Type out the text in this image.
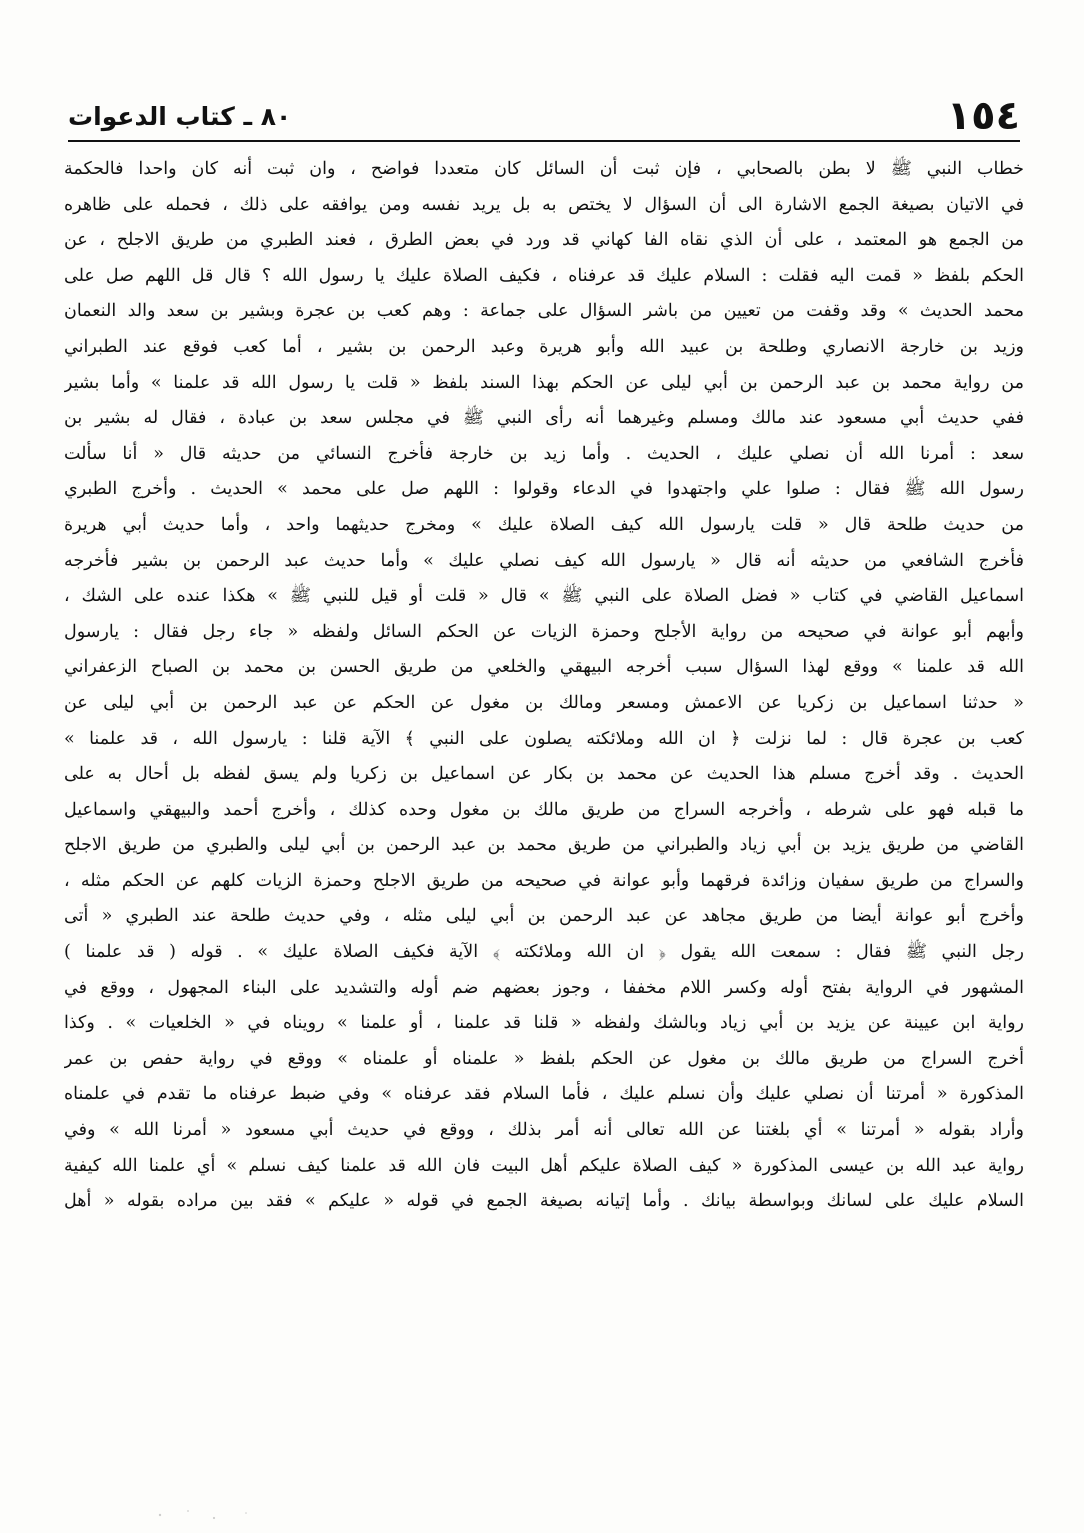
١٥٤
٨٠ ـ كتاب الدعوات
خطاب النبي ﷺ لا بطن بالصحابي ، فإن ثبت أن السائل كان متعددا فواضح ، وان ثبت أنه كان واحدا فالحكمة
في الاتيان بصيغة الجمع الاشارة الى أن السؤال لا يختص به بل يريد نفسه ومن يوافقه على ذلك ، فحمله على ظاهره
من الجمع هو المعتمد ، على أن الذي نقاه الفا كهاني قد ورد في بعض الطرق ، فعند الطبري من طريق الاجلح ، عن
الحكم بلفظ « قمت اليه فقلت : السلام عليك قد عرفناه ، فكيف الصلاة عليك يا رسول الله ؟ قال قل اللهم صل على
محمد الحديث » وقد وقفت من تعيين من باشر السؤال على جماعة : وهم كعب بن عجرة وبشير بن سعد والد النعمان
وزيد بن خارجة الانصاري وطلحة بن عبيد الله وأبو هريرة وعبد الرحمن بن بشير ، أما كعب فوقع عند الطبراني
من رواية محمد بن عبد الرحمن بن أبي ليلى عن الحكم بهذا السند بلفظ « قلت يا رسول الله قد علمنا » وأما بشير
ففي حديث أبي مسعود عند مالك ومسلم وغيرهما أنه رأى النبي ﷺ في مجلس سعد بن عبادة ، فقال له بشير بن
سعد : أمرنا الله أن نصلي عليك ، الحديث . وأما زيد بن خارجة فأخرج النسائي من حديثه قال « أنا سألت
رسول الله ﷺ فقال : صلوا علي واجتهدوا في الدعاء وقولوا : اللهم صل على محمد » الحديث . وأخرج الطبري
من حديث طلحة قال « قلت يارسول الله كيف الصلاة عليك » ومخرج حديثهما واحد ، وأما حديث أبي هريرة
فأخرج الشافعي من حديثه أنه قال « يارسول الله كيف نصلي عليك » وأما حديث عبد الرحمن بن بشير فأخرجه
اسماعيل القاضي في كتاب « فضل الصلاة على النبي ﷺ » قال « قلت أو قيل للنبي ﷺ » هكذا عنده على الشك ،
وأبهم أبو عوانة في صحيحه من رواية الأجلح وحمزة الزيات عن الحكم السائل ولفظه « جاء رجل فقال : يارسول
الله قد علمنا » ووقع لهذا السؤال سبب أخرجه البيهقي والخلعي من طريق الحسن بن محمد بن الصباح الزعفراني
« حدثنا اسماعيل بن زكريا عن الاعمش ومسعر ومالك بن مغول عن الحكم عن عبد الرحمن بن أبي ليلى عن
كعب بن عجرة قال : لما نزلت ﴿ ان الله وملائكته يصلون على النبي ﴾ الآية قلنا : يارسول الله ، قد علمنا »
الحديث . وقد أخرج مسلم هذا الحديث عن محمد بن بكار عن اسماعيل بن زكريا ولم يسق لفظه بل أحال به على
ما قبله فهو على شرطه ، وأخرجه السراج من طريق مالك بن مغول وحده كذلك ، وأخرج أحمد والبيهقي واسماعيل
القاضي من طريق يزيد بن أبي زياد والطبراني من طريق محمد بن عبد الرحمن بن أبي ليلى والطبري من طريق الاجلح
والسراج من طريق سفيان وزائدة فرقهما وأبو عوانة في صحيحه من طريق الاجلح وحمزة الزيات كلهم عن الحكم مثله ،
وأخرج أبو عوانة أيضا من طريق مجاهد عن عبد الرحمن بن أبي ليلى مثله ، وفي حديث طلحة عند الطبري « أتى
رجل النبي ﷺ فقال : سمعت الله يقول ﴿ ان الله وملائكته ﴾ الآية فكيف الصلاة عليك » . قوله ( قد علمنا )
المشهور في الرواية بفتح أوله وكسر اللام مخففا ، وجوز بعضهم ضم أوله والتشديد على البناء المجهول ، ووقع في
رواية ابن عيينة عن يزيد بن أبي زياد وبالشك ولفظه « قلنا قد علمنا ، أو علمنا » رويناه في « الخلعيات » . وكذا
أخرج السراج من طريق مالك بن مغول عن الحكم بلفظ « علمناه أو علمناه » ووقع في رواية حفص بن عمر
المذكورة « أمرتنا أن نصلي عليك وأن نسلم عليك ، فأما السلام فقد عرفناه » وفي ضبط عرفناه ما تقدم في علمناه
وأراد بقوله « أمرتنا » أي بلغتنا عن الله تعالى أنه أمر بذلك ، ووقع في حديث أبي مسعود « أمرنا الله » وفي
رواية عبد الله بن عيسى المذكورة « كيف الصلاة عليكم أهل البيت فان الله قد علمنا كيف نسلم » أي علمنا الله كيفية
السلام عليك على لسانك وبواسطة بيانك . وأما إتيانه بصيغة الجمع في قوله « عليكم » فقد بين مراده بقوله « أهل
